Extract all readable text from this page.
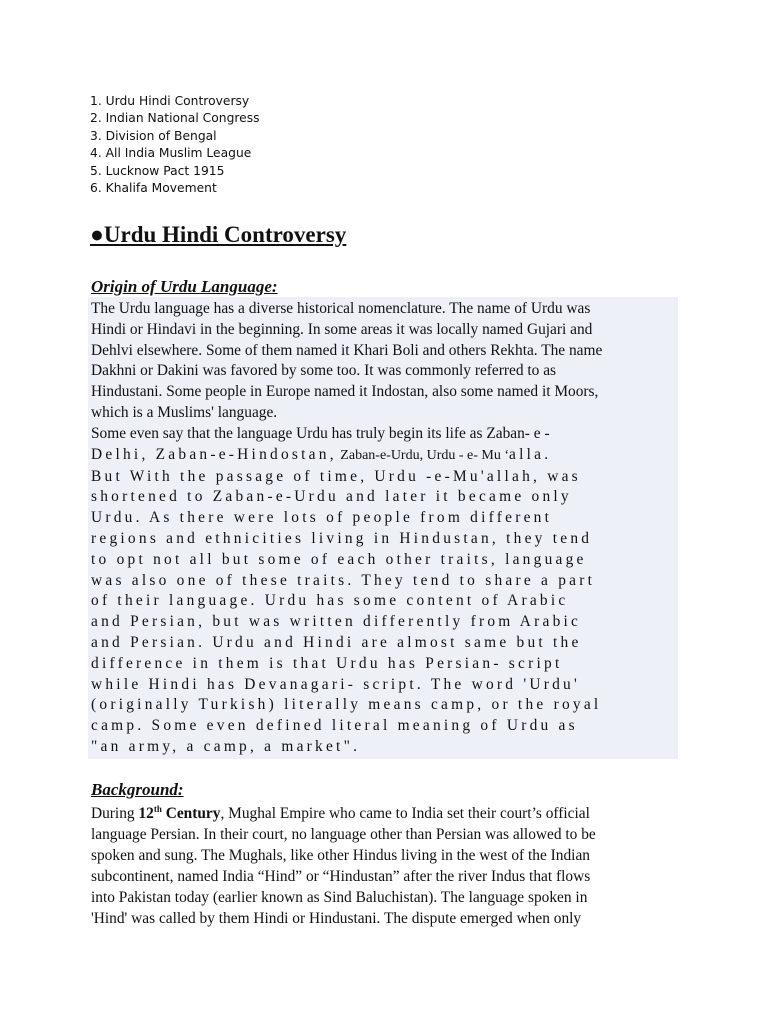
1. Urdu Hindi Controversy
2. Indian National Congress
3. Division of Bengal
4. All India Muslim League
5. Lucknow Pact 1915
6. Khalifa Movement
●Urdu Hindi Controversy
Origin of Urdu Language:
The Urdu language has a diverse historical nomenclature. The name of Urdu was
Hindi or Hindavi in the beginning. In some areas it was locally named Gujari and
Dehlvi elsewhere. Some of them named it Khari Boli and others Rekhta. The name
Dakhni or Dakini was favored by some too. It was commonly referred to as
Hindustani. Some people in Europe named it Indostan, also some named it Moors,
which is a Muslims' language.
Some even say that the language Urdu has truly begin its life as Zaban- e -
Delhi, Zaban-e-Hindostan, Zaban-e-Urdu, Urdu - e- Mu ‘alla.
But With the passage of time, Urdu -e-Mu'allah, was
shortened to Zaban-e-Urdu and later it became only
Urdu. As there were lots of people from different
regions and ethnicities living in Hindustan, they tend
to opt not all but some of each other traits, language
was also one of these traits. They tend to share a part
of their language. Urdu has some content of Arabic
and Persian, but was written differently from Arabic
and Persian. Urdu and Hindi are almost same but the
difference in them is that Urdu has Persian- script
while Hindi has Devanagari- script. The word 'Urdu'
(originally Turkish) literally means camp, or the royal
camp. Some even defined literal meaning of Urdu as
"an army, a camp, a market".
Background:
During 12th Century, Mughal Empire who came to India set their court’s official
language Persian. In their court, no language other than Persian was allowed to be
spoken and sung. The Mughals, like other Hindus living in the west of the Indian
subcontinent, named India “Hind” or “Hindustan” after the river Indus that flows
into Pakistan today (earlier known as Sind Baluchistan). The language spoken in
'Hind' was called by them Hindi or Hindustani. The dispute emerged when only
